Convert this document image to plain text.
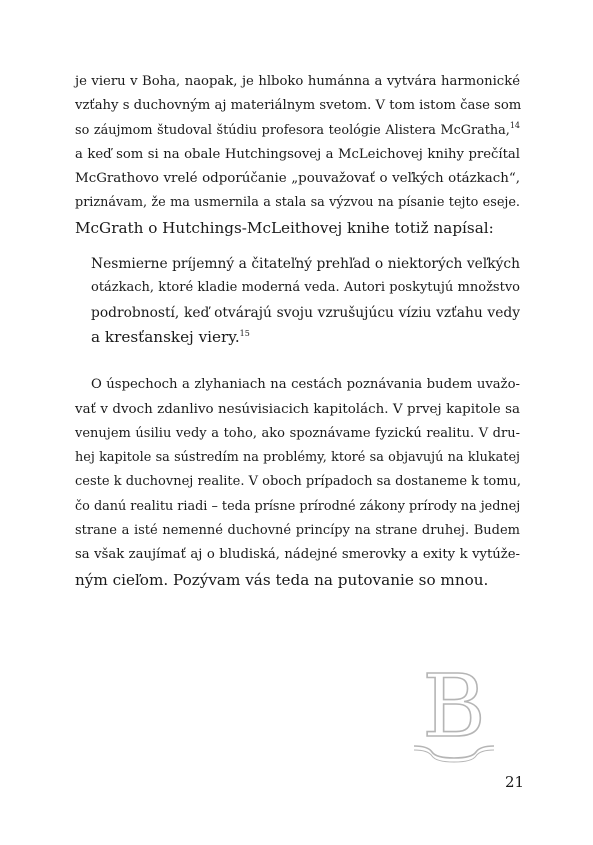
je vieru v Boha, naopak, je hlboko humánna a vytvára harmonické
vzťahy s duchovným aj materiálnym svetom. V tom istom čase som
so záujmom študoval štúdiu profesora teológie Alistera McGratha,$^{14}$
a keď som si na obale Hutchingsovej a McLeichovej knihy prečítal
McGrathovo vrelé odporúčanie „pouvažovať o veľkých otázkach“,
priznávam, že ma usmernila a stala sa výzvou na písanie tejto eseje.
McGrath o Hutchings-McLeithovej knihe totiž napísal:

Nesmierne príjemný a čitateľný prehľad o niektorých veľkých
otázkach, ktoré kladie moderná veda. Autori poskytujú množstvo
podrobností, keď otvárajú svoju vzrušujúcu víziu vzťahu vedy
a kresťanskej viery.$^{15}$

O úspechoch a zlyhaniach na cestách poznávania budem uvažo-
vať v dvoch zdanlivo nesúvisiacich kapitolách. V prvej kapitole sa
venujem úsiliu vedy a toho, ako spoznávame fyzickú realitu. V dru-
hej kapitole sa sústredím na problémy, ktoré sa objavujú na klukatej
ceste k duchovnej realite. V oboch prípadoch sa dostaneme k tomu,
čo danú realitu riadi – teda prísne prírodné zákony prírody na jednej
strane a isté nemenné duchovné princípy na strane druhej. Budem
sa však zaujímať aj o bludiská, nádejné smerovky a exity k vytúže-
ným cieľom. Pozývam vás teda na putovanie so mnou.

B
21
